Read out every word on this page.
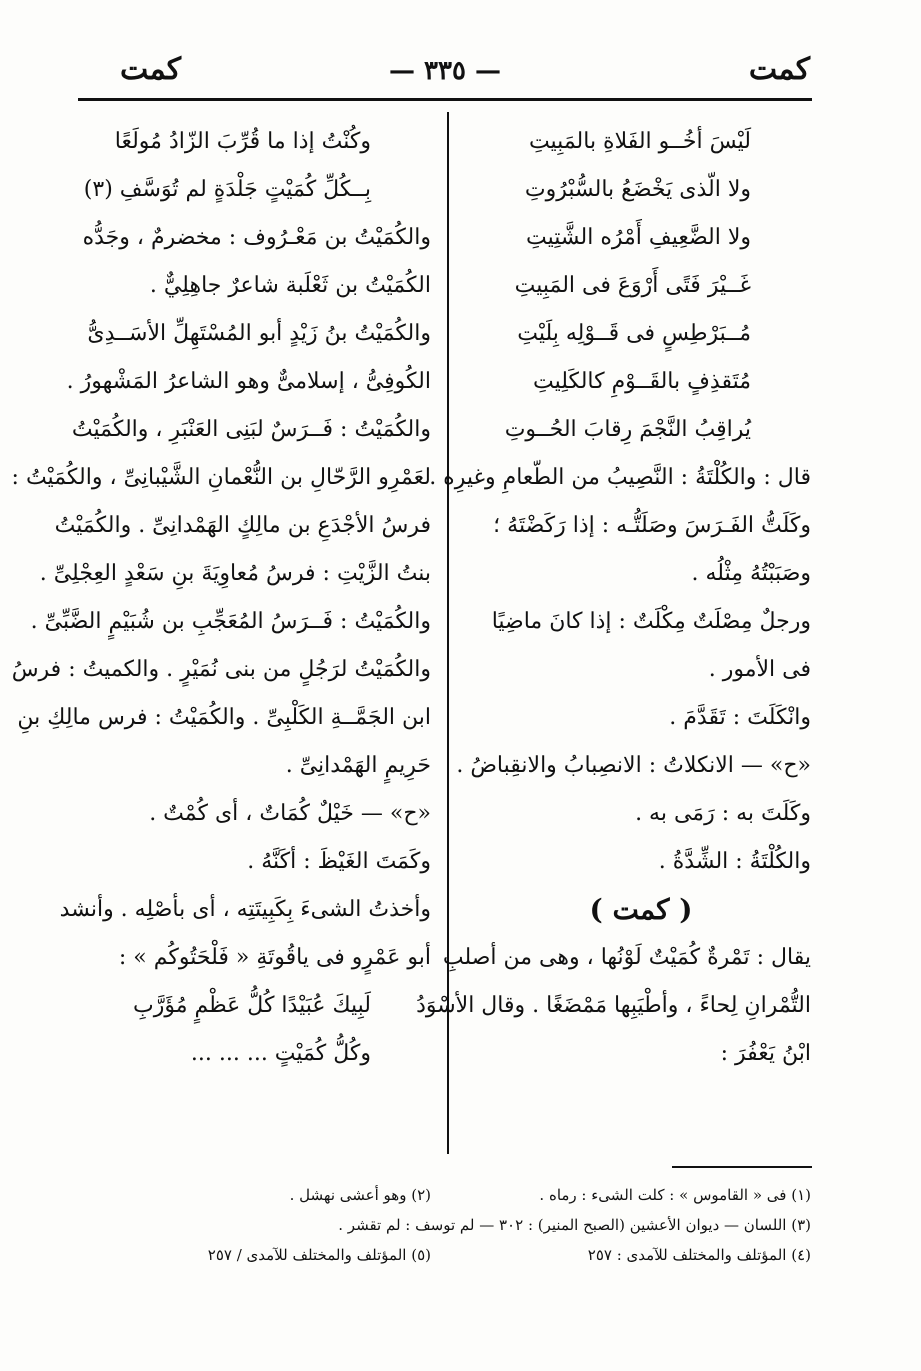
كمت
— ٣٣٥ —
كمت
لَيْسَ أخُــو الفَلاةِ بالمَبِيتِ
ولا الّذى يَخْضَعُ بالسُّبْرُوتِ
ولا الضَّعِيفِ أَمْرُه الشَّتِيتِ
غَــيْرَ فَتًى أَرْوَعَ فى المَبِيتِ
مُــبَرْطِسٍ فى قَــوْلِه بِلَيْتِ
مُتَقذِفٍ بالقَــوْمِ كالكَلِيتِ
يُراقِبُ النَّجْمَ رِقابَ الحُــوتِ
قال : والكُلْتَةُ : النَّصِيبُ من الطّعامِ وغيرِه .
وكَلَتُّ الفَـرَسَ وصَلَتُّـه : إذا رَكَضْتَهُ ؛
وصَبَبْتُهُ مِثْلُه .
ورجلٌ مِصْلَتٌ مِكْلَتٌ : إذا كانَ ماضِيًا
فى الأمور .
وانْكَلَتَ : تَقَدَّمَ .
«ح» — الانكلاتُ : الانصِبابُ والانقِباضُ .
وكَلَتَ به : رَمَى به .
والكُلْتَةُ : الشِّدَّةُ .
( كمت )
يقال : تَمْرةٌ كُمَيْتٌ لَوْنُها ، وهى من أصلبِ
التُّمْرانِ لِحاءً ، وأطْيَبِها مَمْضَغًا . وقال الأسْوَدُ
ابْنُ يَعْفُرَ :
وكُنْتُ إذا ما قُرِّبَ الزّادُ مُولَعًا
بِــكُلِّ كُمَيْتٍ جَلْدَةٍ لم تُوَسَّفِ (٣)
والكُمَيْتُ بن مَعْـرُوف : مخضرمٌ ، وجَدُّه
الكُمَيْتُ بن ثَعْلَبة شاعرٌ جاهِلِيٌّ .
والكُمَيْتُ بنُ زَيْدٍ أبو المُسْتَهِلِّ الأسَــدِىُّ
الكُوفِىُّ ، إسلامىٌّ وهو الشاعرُ المَشْهورُ .
والكُمَيْتُ : فَــرَسٌ لبَنِى العَنْبَرِ ، والكُمَيْتُ
لعَمْرِو الرَّحّالِ بن النُّعْمانِ الشَّيْبانِىِّ ، والكُمَيْتُ :
فرسُ الأجْدَعِ بن مالِكٍ الهَمْدانِىِّ . والكُمَيْتُ
بنتُ الزَّيْتِ : فرسُ مُعاوِيَةَ بنِ سَعْدٍ العِجْلِىِّ .
والكُمَيْتُ : فَــرَسُ المُعَجِّبِ بن شُبَيْمٍ الضَّبِّىِّ .
والكُمَيْتُ لرَجُلٍ من بنى نُمَيْرٍ . والكميتُ : فرسُ
ابن الجَمَّــةِ الكَلْبِىِّ . والكُمَيْتُ : فرس مالِكِ بنِ
حَرِيمٍ الهَمْدانِىِّ .
«ح» — خَيْلٌ كُمَاتٌ ، أى كُمْتٌ .
وكَمَتَ الغَيْظَ : أكَنَّهُ .
وأخذتُ الشىءَ بِكَبِيتَتِه ، أى بأصْلِه . وأنشد
أبو عَمْرٍو فى ياقُوتَةِ « فَلْحَتُوكُم » :
لَبِيكَ عُبَيْدًا كُلُّ عَظْمٍ مُؤَرَّبِ
وكُلُّ كُمَيْتٍ ... ... ...
(١) فى « القاموس » : كلت الشىء : رماه .
(٢) وهو أعشى نهشل .
(٣) اللسان — ديوان الأعشين (الصبح المنير) : ٣٠٢ — لم توسف : لم تقشر .
(٤) المؤتلف والمختلف للآمدى : ٢٥٧
(٥) المؤتلف والمختلف للآمدى / ٢٥٧
